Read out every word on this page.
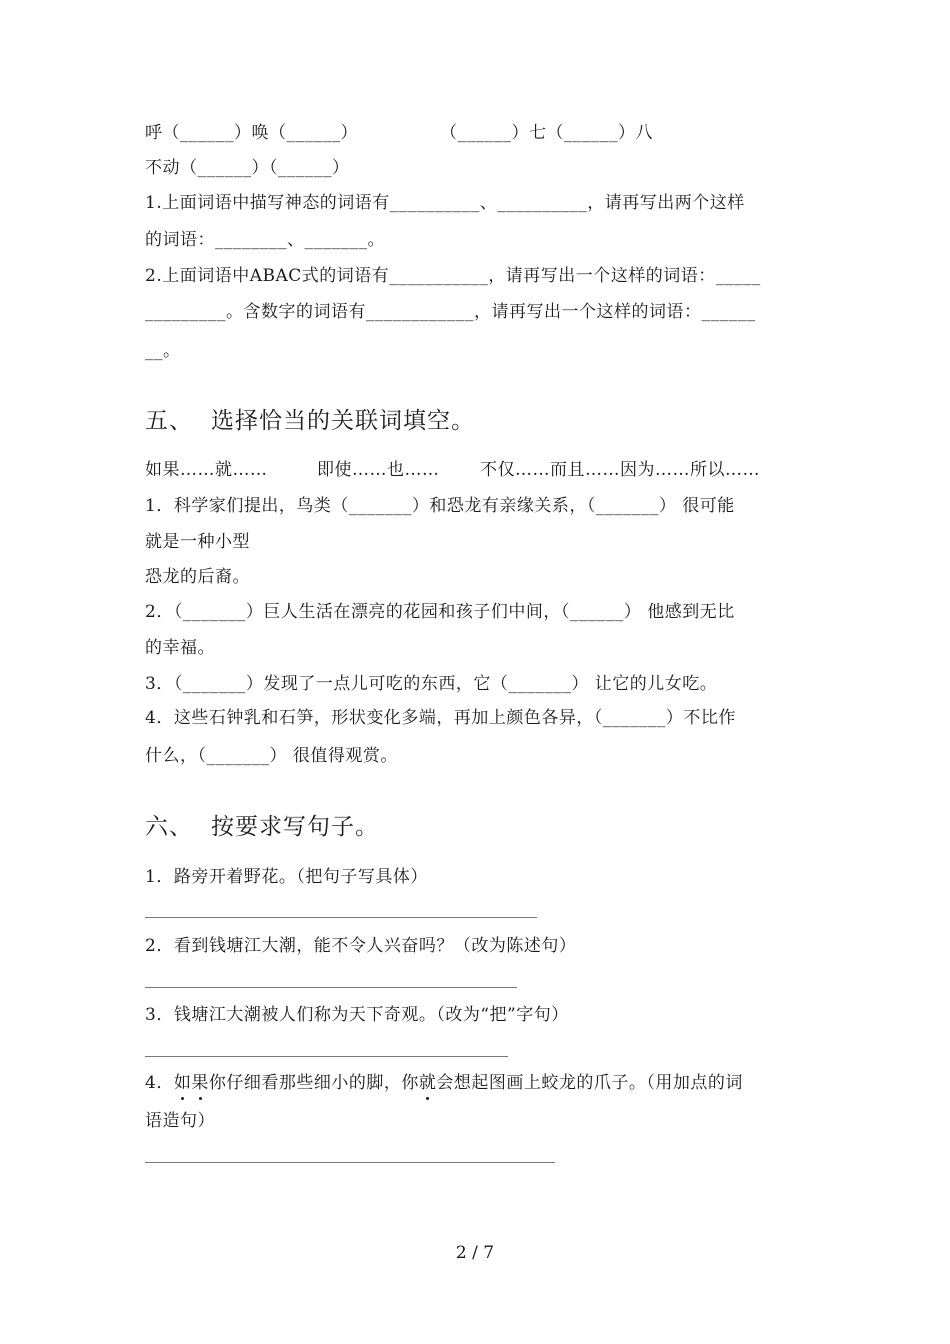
呼（______）唤（______）	（______）七（______）八
不动（______）（______）
1.上面词语中描写神态的词语有__________、__________，请再写出两个这样
的词语：________、_______。
2.上面词语中ABAC式的词语有___________，请再写出一个这样的词语：_____
_________。含数字的词语有____________，请再写出一个这样的词语：______
__。
五、 选择恰当的关联词填空。
如果……就……	即使……也…… 不仅……而且……因为……所以……
1．科学家们提出，鸟类（_______）和恐龙有亲缘关系，（_______） 很可能
就是一种小型
恐龙的后裔。
2．（_______）巨人生活在漂亮的花园和孩子们中间，（______） 他感到无比
的幸福。
3．（_______）发现了一点儿可吃的东西，它（_______） 让它的儿女吃。
4．这些石钟乳和石笋，形状变化多端，再加上颜色各异，（_______）不比作
什么，（_______） 很值得观赏。
六、 按要求写句子。
1．路旁开着野花。（把句子写具体）
2．看到钱塘江大潮，能不令人兴奋吗？（改为陈述句）
3．钱塘江大潮被人们称为天下奇观。（改为“把”字句）
4．如果你仔细看那些细小的脚，你就会想起图画上蛟龙的爪子。（用加点的词
语造句）
2 / 7
